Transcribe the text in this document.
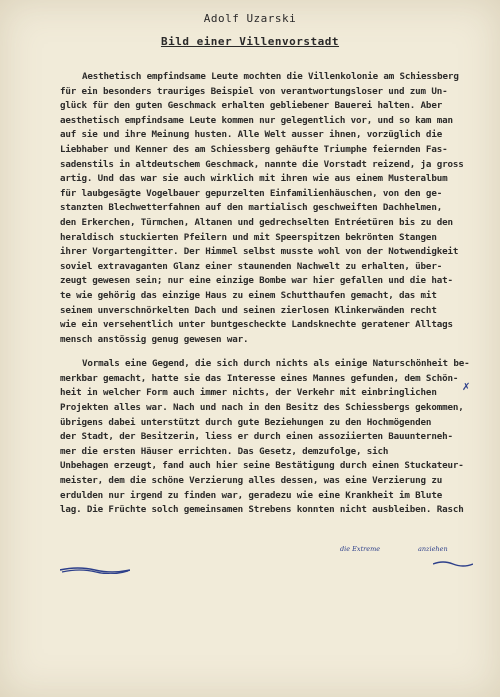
Adolf Uzarski
Bild einer Villenvorstadt
Aesthetisch empfindsame Leute mochten die Villenkolonie am Schiessberg
für ein besonders trauriges Beispiel von verantwortungsloser und zum Un-
glück für den guten Geschmack erhalten gebliebener Bauerei halten. Aber
aesthetisch empfindsame Leute kommen nur gelegentlich vor, und so kam man
auf sie und ihre Meinung husten. Alle Welt ausser ihnen, vorzüglich die
Liebhaber und Kenner des am Schiessberg gehäufte Triumphe feiernden Fas-
sadenstils in altdeutschem Geschmack, nannte die Vorstadt reizend, ja gross
artig. Und das war sie auch wirklich mit ihren wie aus einem Musteralbum
für laubgesägte Vogelbauer gepurzelten Einfamilienhäuschen, von den ge-
stanzten Blechwetterfahnen auf den martialisch geschweiften Dachhelmen,
den Erkerchen, Türmchen, Altanen und gedrechselten Entréetüren bis zu den
heraldisch stuckierten Pfeilern und mit Speerspitzen bekrönten Stangen
ihrer Vorgartengitter. Der Himmel selbst musste wohl von der Notwendigkeit
soviel extravaganten Glanz einer staunenden Nachwelt zu erhalten, über-
zeugt gewesen sein; nur eine einzige Bombe war hier gefallen und die hat-
te wie gehörig das einzige Haus zu einem Schutthaufen gemacht, das mit
seinem unverschnörkelten Dach und seinen zierlosen Klinkerwänden recht
wie ein versehentlich unter buntgescheckte Landsknechte geratener Alltags
mensch anstössig genug gewesen war.
Vormals eine Gegend, die sich durch nichts als einige Naturschönheit be-
merkbar gemacht, hatte sie das Interesse eines Mannes gefunden, dem Schön-
heit in welcher Form auch immer nichts, der Verkehr mit einbringlichen
Projekten alles war. Nach und nach in den Besitz des Schiessbergs gekommen,
übrigens dabei unterstützt durch gute Beziehungen zu den Hochmögenden
der Stadt, der Besitzerin, liess er durch einen assoziierten Bauunterneh-
mer die ersten Häuser errichten. Das Gesetz, demzufolge, sich
Unbehagen erzeugt, fand auch hier seine Bestätigung durch einen Stuckateur-
meister, dem die schöne Verzierung alles dessen, was eine Verzierung zu
erdulden nur irgend zu finden war, geradezu wie eine Krankheit im Blute
lag. Die Früchte solch gemeinsamen Strebens konnten nicht ausbleiben. Rasch
die Extreme	anziehen
✗
